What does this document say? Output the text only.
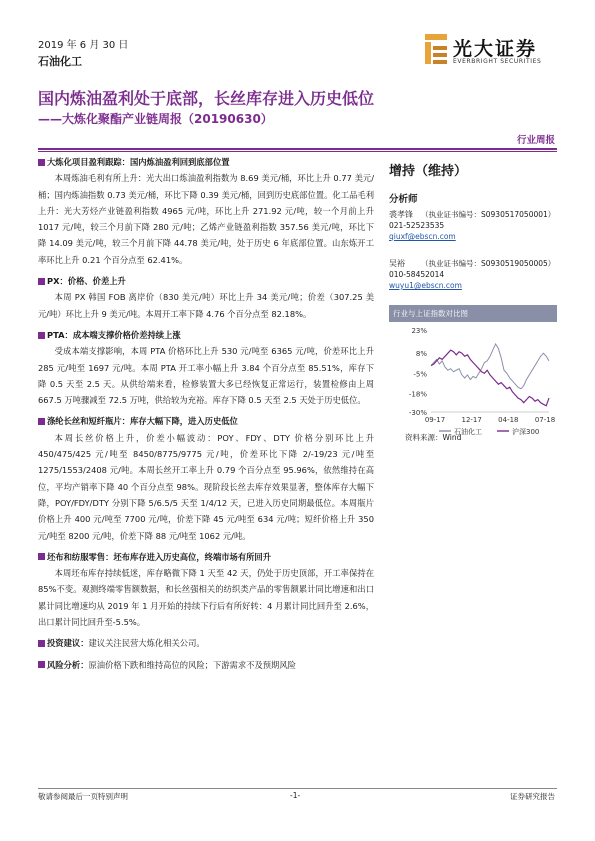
2019 年 6 月 30 日
石油化工
光大证券
EVERBRIGHT SECURITIES
国内炼油盈利处于底部，长丝库存进入历史低位
——大炼化聚酯产业链周报（20190630）
行业周报
大炼化项目盈利跟踪：国内炼油盈利回到底部位置

本周炼油毛利有所上升：光大出口炼油盈利指数为 8.69 美元/桶，环比上升 0.77 美元/桶；国内炼油指数 0.73 美元/桶，环比下降 0.39 美元/桶，回到历史底部位置。化工品毛利上升：光大芳烃产业链盈利指数 4965 元/吨，环比上升 271.92 元/吨，较一个月前上升 1017 元/吨，较三个月前下降 280 元/吨；乙烯产业链盈利指数 357.56 美元/吨，环比下降 14.09 美元/吨，较三个月前下降 44.78 美元/吨，处于历史 6 年底部位置。山东炼开工率环比上升 0.21 个百分点至 62.41%。

PX：价格、价差上升

本周 PX 韩国 FOB 离岸价（830 美元/吨）环比上升 34 美元/吨；价差（307.25 美元/吨）环比上升 9 美元/吨。本周开工率下降 4.76 个百分点至 82.18%。

PTA：成本端支撑价格价差持续上涨

受成本端支撑影响，本周 PTA 价格环比上升 530 元/吨至 6365 元/吨，价差环比上升 285 元/吨至 1697 元/吨。本周 PTA 开工率小幅上升 3.84 个百分点至 85.51%，库存下降 0.5 天至 2.5 天。从供给端来看，检修装置大多已经恢复正常运行，装置检修由上周 667.5 万吨骤减至 72.5 万吨，供给较为充裕。库存下降 0.5 天至 2.5 天处于历史低位。

涤纶长丝和短纤瓶片：库存大幅下降，进入历史低位

本周长丝价格上升，价差小幅波动：POY、FDY、DTY 价格分别环比上升 450/475/425 元/吨至 8450/8775/9775 元/吨，价差环比下降 2/-19/23 元/吨至 1275/1553/2408 元/吨。本周长丝开工率上升 0.79 个百分点至 95.96%，依然维持在高位，平均产销率下降 40 个百分点至 98%。现阶段长丝去库存效果显著，整体库存大幅下降，POY/FDY/DTY 分别下降 5/6.5/5 天至 1/4/12 天，已进入历史同期最低位。本周瓶片价格上升 400 元/吨至 7700 元/吨，价差下降 45 元/吨至 634 元/吨；短纤价格上升 350 元/吨至 8200 元/吨，价差下降 88 元/吨至 1062 元/吨。

坯布和纺服零售：坯布库存进入历史高位，终端市场有所回升

本周坯布库存持续低迷，库存略微下降 1 天至 42 天，仍处于历史顶部，开工率保持在 85%不变。观测终端零售额数据，和长丝强相关的纺织类产品的零售额累计同比增速和出口累计同比增速均从 2019 年 1 月开始的持续下行后有所好转：4 月累计同比回升至 2.6%，出口累计同比回升至-5.5%。

投资建议： 建议关注民营大炼化相关公司。
风险分析： 原油价格下跌和维持高位的风险；下游需求不及预期风险
增持（维持）
分析师
裘孝锋 （执业证书编号：S0930517050001）
021-52523535
qiuxf@ebscn.com
吴裕 （执业证书编号：S0930519050005）
010-58452014
wuyu1@ebscn.com
行业与上证指数对比图
23%
8%
-5%
-18%
-30%
09-17 12-17 04-18 07-18
石油化工	沪深300
资料来源：Wind
敬请参阅最后一页特别声明	-1-	证券研究报告
